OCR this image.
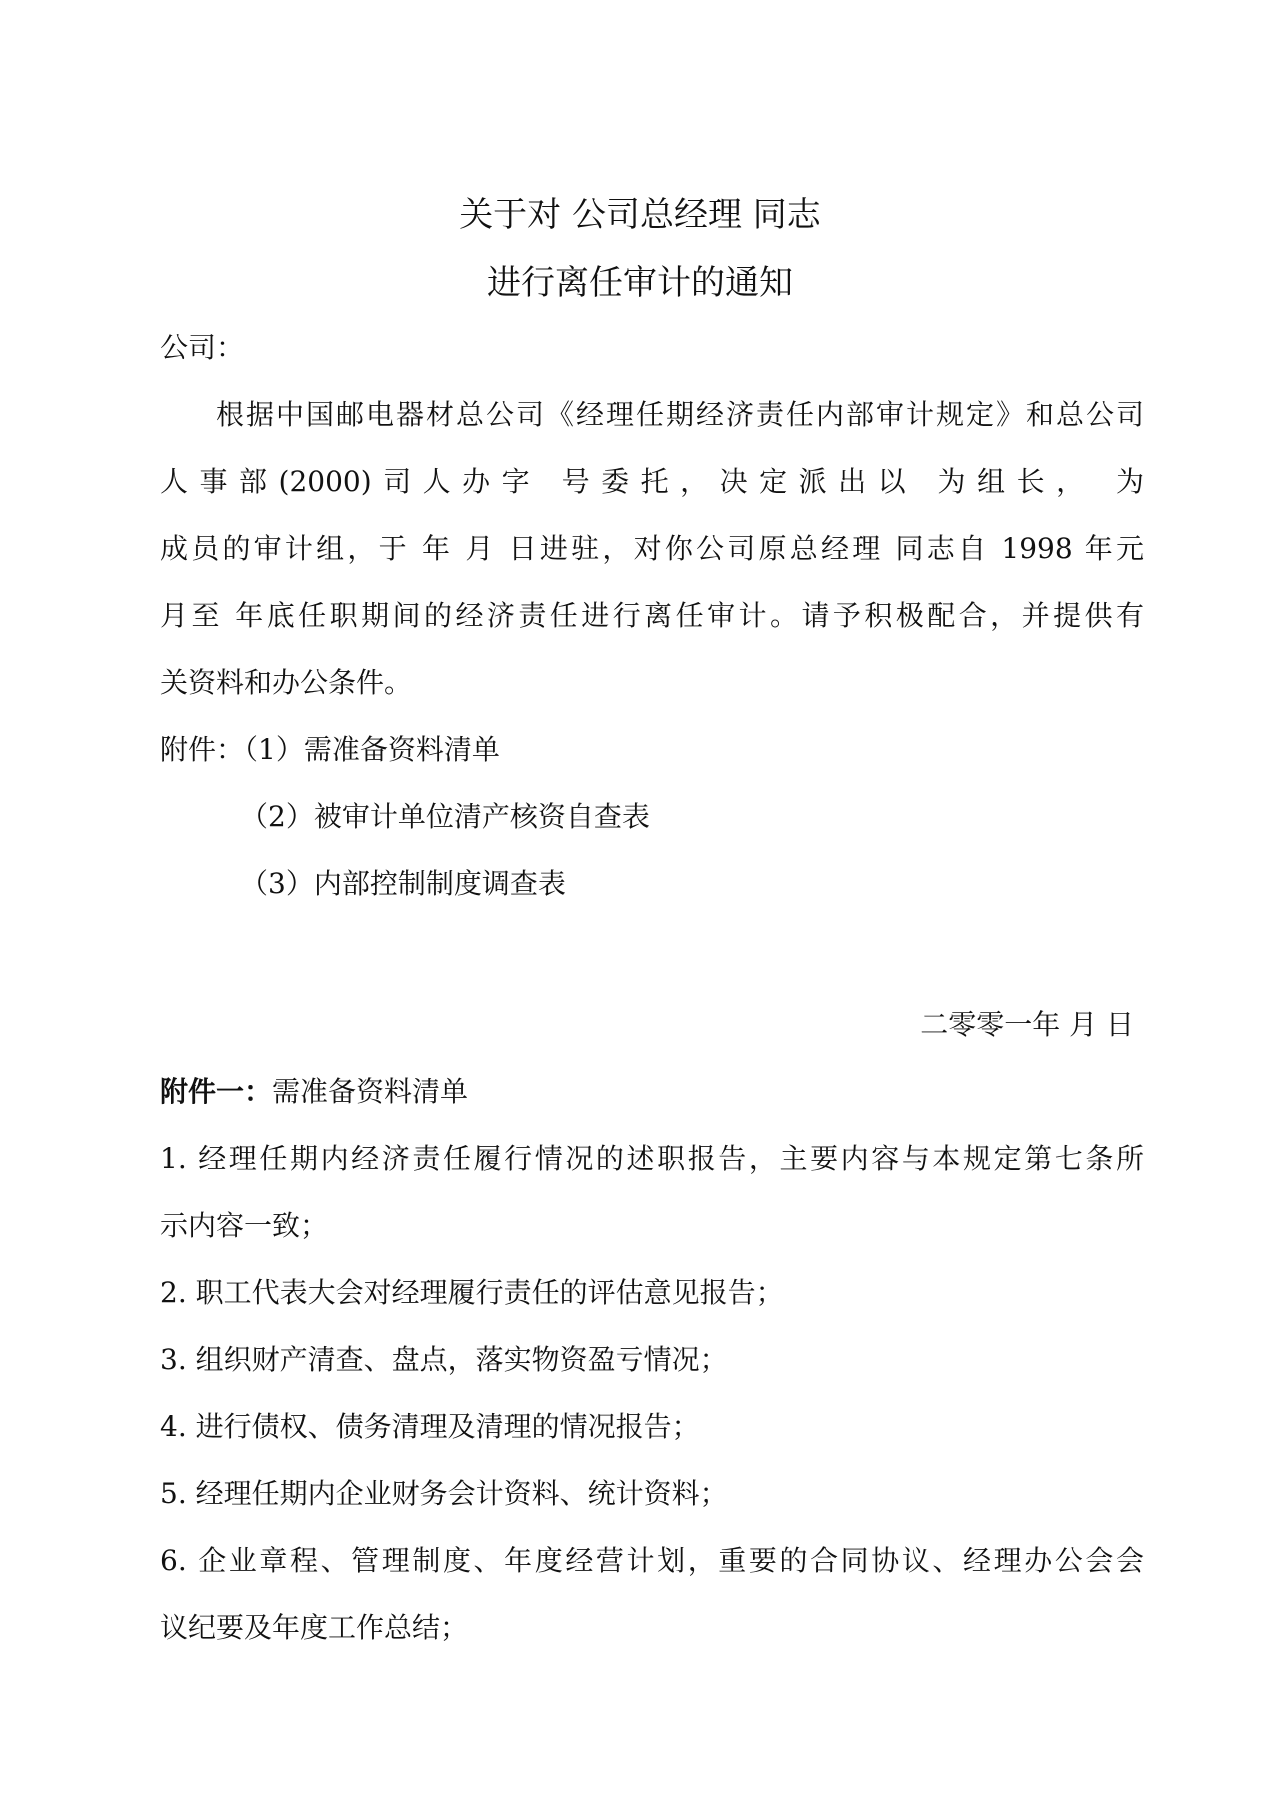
关于对 公司总经理 同志
进行离任审计的通知
公司：
根据中国邮电器材总公司《经理任期经济责任内部审计规定》和总公司
人事部(2000)司人办字 号委托，决定派出以 为组长， 为
成员的审计组，于 年 月 日进驻，对你公司原总经理 同志自 1998 年元
月至 年底任职期间的经济责任进行离任审计。请予积极配合，并提供有
关资料和办公条件。
附件：（1）需准备资料清单
（2）被审计单位清产核资自查表
（3）内部控制制度调查表
二零零一年 月 日
附件一：需准备资料清单
1. 经理任期内经济责任履行情况的述职报告，主要内容与本规定第七条所
示内容一致；
2. 职工代表大会对经理履行责任的评估意见报告；
3. 组织财产清查、盘点，落实物资盈亏情况；
4. 进行债权、债务清理及清理的情况报告；
5. 经理任期内企业财务会计资料、统计资料；
6. 企业章程、管理制度、年度经营计划，重要的合同协议、经理办公会会
议纪要及年度工作总结；
